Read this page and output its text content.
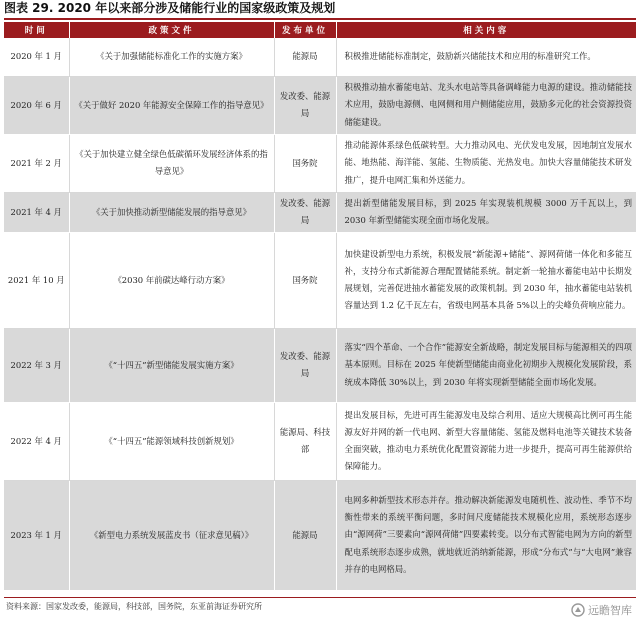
图表 29. 2020 年以来部分涉及储能行业的国家级政策及规划
时间	政策文件	发布单位	相关内容
2020 年 1 月	《关于加强储能标准化工作的实施方案》	能源局	积极推进储能标准制定，鼓励新兴储能技术和应用的标准研究工作。
2020 年 6 月	《关于做好 2020 年能源安全保障工作的指导意见》	发改委、能源局	积极推动抽水蓄能电站、龙头水电站等具备调峰能力电源的建设。推动储能技术应用，鼓励电源侧、电网侧和用户侧储能应用，鼓励多元化的社会资源投资储能建设。
2021 年 2 月	《关于加快建立健全绿色低碳循环发展经济体系的指导意见》	国务院	推动能源体系绿色低碳转型。大力推动风电、光伏发电发展，因地制宜发展水能、地热能、海洋能、氢能、生物质能、光热发电。加快大容量储能技术研发推广，提升电网汇集和外送能力。
2021 年 4 月	《关于加快推动新型储能发展的指导意见》	发改委、能源局	提出新型储能发展目标，到 2025 年实现装机规模 3000 万千瓦以上，到 2030 年新型储能实现全面市场化发展。
2021 年 10 月	《2030 年前碳达峰行动方案》	国务院	加快建设新型电力系统，积极发展“新能源+储能”、源网荷储一体化和多能互补，支持分布式新能源合理配置储能系统。制定新一轮抽水蓄能电站中长期发展规划，完善促进抽水蓄能发展的政策机制。到 2030 年，抽水蓄能电站装机容量达到 1.2 亿千瓦左右，省级电网基本具备 5%以上的尖峰负荷响应能力。
2022 年 3 月	《“十四五”新型储能发展实施方案》	发改委、能源局	落实“四个革命、一个合作”能源安全新战略，制定发展目标与能源相关的四项基本原则。目标在 2025 年使新型储能由商业化初期步入规模化发展阶段，系统成本降低 30%以上，到 2030 年将实现新型储能全面市场化发展。
2022 年 4 月	《“十四五”能源领域科技创新规划》	能源局、科技部	提出发展目标，先进可再生能源发电及综合利用、适应大规模高比例可再生能源友好并网的新一代电网、新型大容量储能、氢能及燃料电池等关键技术装备全面突破，推动电力系统优化配置资源能力进一步提升，提高可再生能源供给保障能力。
2023 年 1 月	《新型电力系统发展蓝皮书（征求意见稿）》	能源局	电网多种新型技术形态并存。推动解决新能源发电随机性、波动性、季节不均衡性带来的系统平衡问题，多时间尺度储能技术规模化应用，系统形态逐步由“源网荷”三要素向“源网荷储”四要素转变。以分布式智能电网为方向的新型配电系统形态逐步成熟，就地就近消纳新能源，形成“分布式”与“大电网”兼容并存的电网格局。
资料来源：国家发改委，能源局，科技部，国务院，东亚前海证券研究所	远瞻智库
